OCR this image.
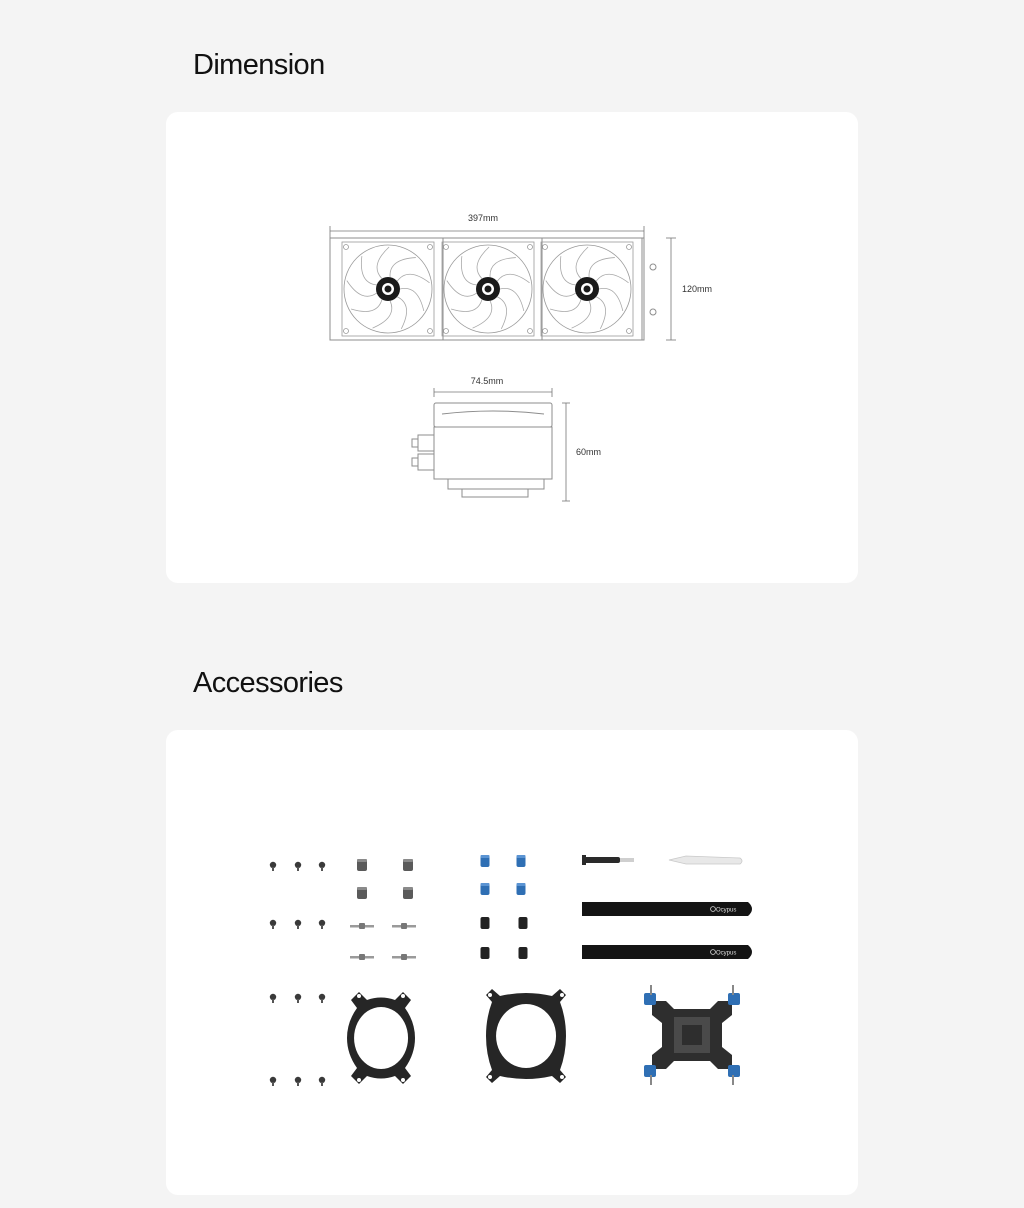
Dimension
397mm
120mm
74.5mm
60mm
Accessories
Ocypus
Ocypus
